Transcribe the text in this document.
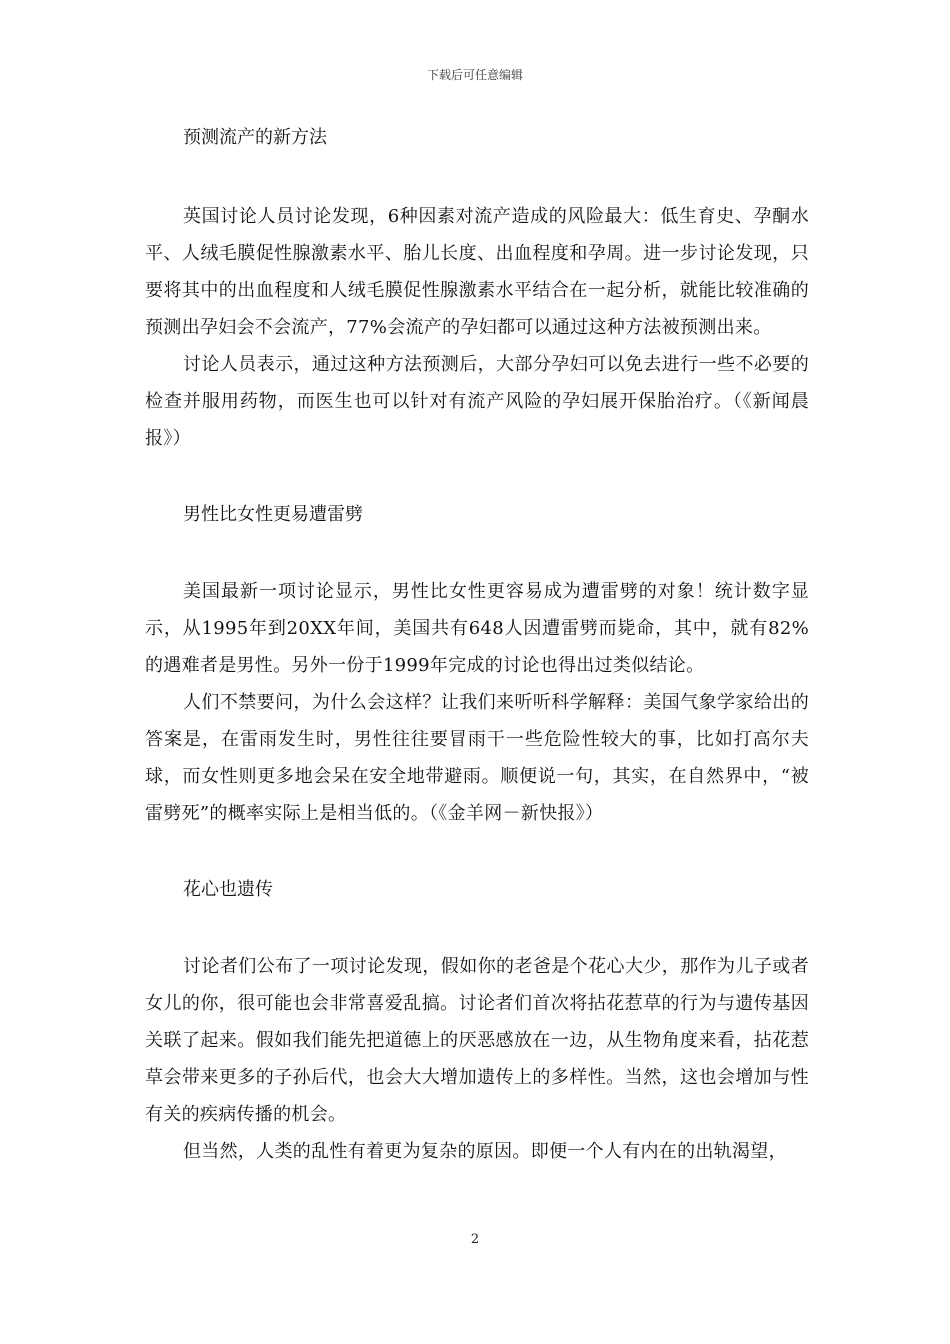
下载后可任意编辑
预测流产的新方法

英国讨论人员讨论发现，6种因素对流产造成的风险最大：低生育史、孕酮水平、人绒毛膜促性腺激素水平、胎儿长度、出血程度和孕周。进一步讨论发现，只要将其中的出血程度和人绒毛膜促性腺激素水平结合在一起分析，就能比较准确的预测出孕妇会不会流产，77%会流产的孕妇都可以通过这种方法被预测出来。

讨论人员表示，通过这种方法预测后，大部分孕妇可以免去进行一些不必要的检查并服用药物，而医生也可以针对有流产风险的孕妇展开保胎治疗。（《新闻晨报》）

男性比女性更易遭雷劈

美国最新一项讨论显示，男性比女性更容易成为遭雷劈的对象！统计数字显示，从1995年到20XX年间，美国共有648人因遭雷劈而毙命，其中，就有82%的遇难者是男性。另外一份于1999年完成的讨论也得出过类似结论。

人们不禁要问，为什么会这样？让我们来听听科学解释：美国气象学家给出的答案是，在雷雨发生时，男性往往要冒雨干一些危险性较大的事，比如打高尔夫球，而女性则更多地会呆在安全地带避雨。顺便说一句，其实，在自然界中，“被雷劈死”的概率实际上是相当低的。（《金羊网－新快报》）

花心也遗传

讨论者们公布了一项讨论发现，假如你的老爸是个花心大少，那作为儿子或者女儿的你，很可能也会非常喜爱乱搞。讨论者们首次将拈花惹草的行为与遗传基因关联了起来。假如我们能先把道德上的厌恶感放在一边，从生物角度来看，拈花惹草会带来更多的子孙后代，也会大大增加遗传上的多样性。当然，这也会增加与性有关的疾病传播的机会。

但当然，人类的乱性有着更为复杂的原因。即便一个人有内在的出轨渴望，

2
